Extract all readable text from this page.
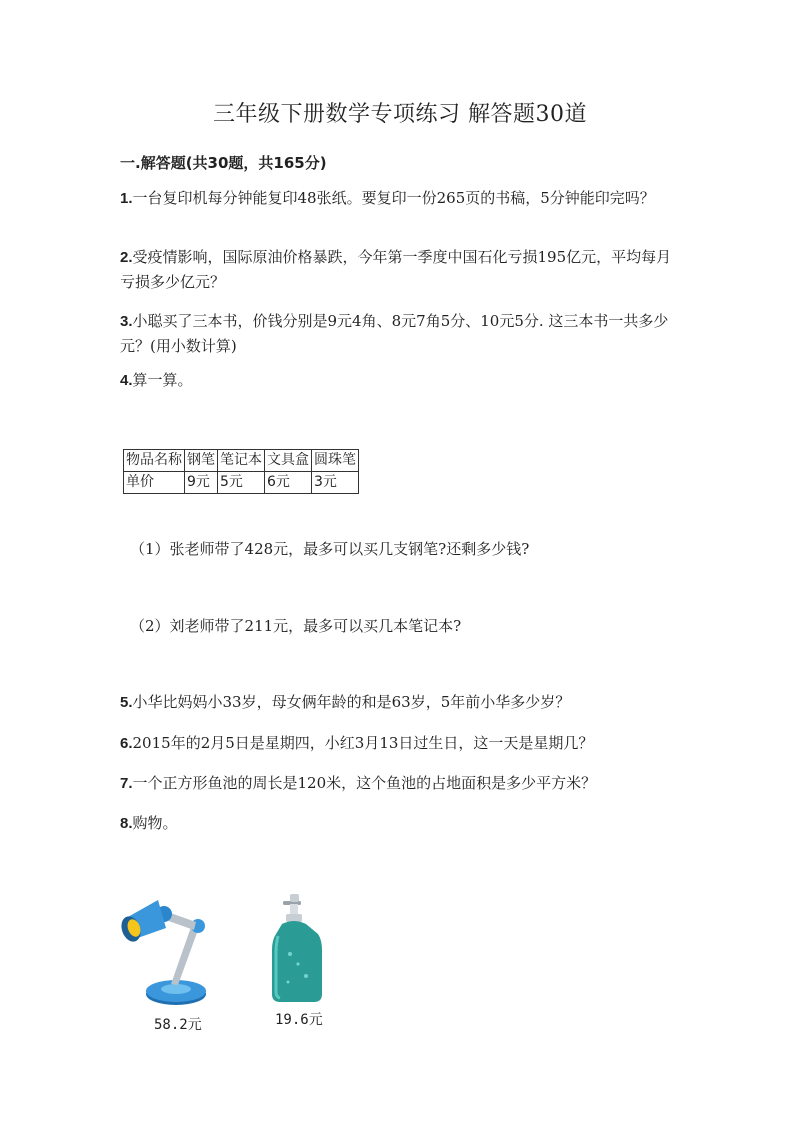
三年级下册数学专项练习 解答题30道
一.解答题(共30题，共165分)
1.一台复印机每分钟能复印48张纸。要复印一份265页的书稿，5分钟能印完吗？
2.受疫情影响，国际原油价格暴跌，今年第一季度中国石化亏损195亿元，平均每月亏损多少亿元？
3.小聪买了三本书，价钱分别是9元4角、8元7角5分、10元5分. 这三本书一共多少元？(用小数计算)
4.算一算。
物品名称	钢笔	笔记本	文具盒	圆珠笔
单价	9元	5元	6元	3元
（1）张老师带了428元，最多可以买几支钢笔?还剩多少钱?
（2）刘老师带了211元，最多可以买几本笔记本?
5.小华比妈妈小33岁，母女俩年龄的和是63岁，5年前小华多少岁？
6.2015年的2月5日是星期四，小红3月13日过生日，这一天是星期几？
7.一个正方形鱼池的周长是120米，这个鱼池的占地面积是多少平方米？
8.购物。
58.2元	19.6元
